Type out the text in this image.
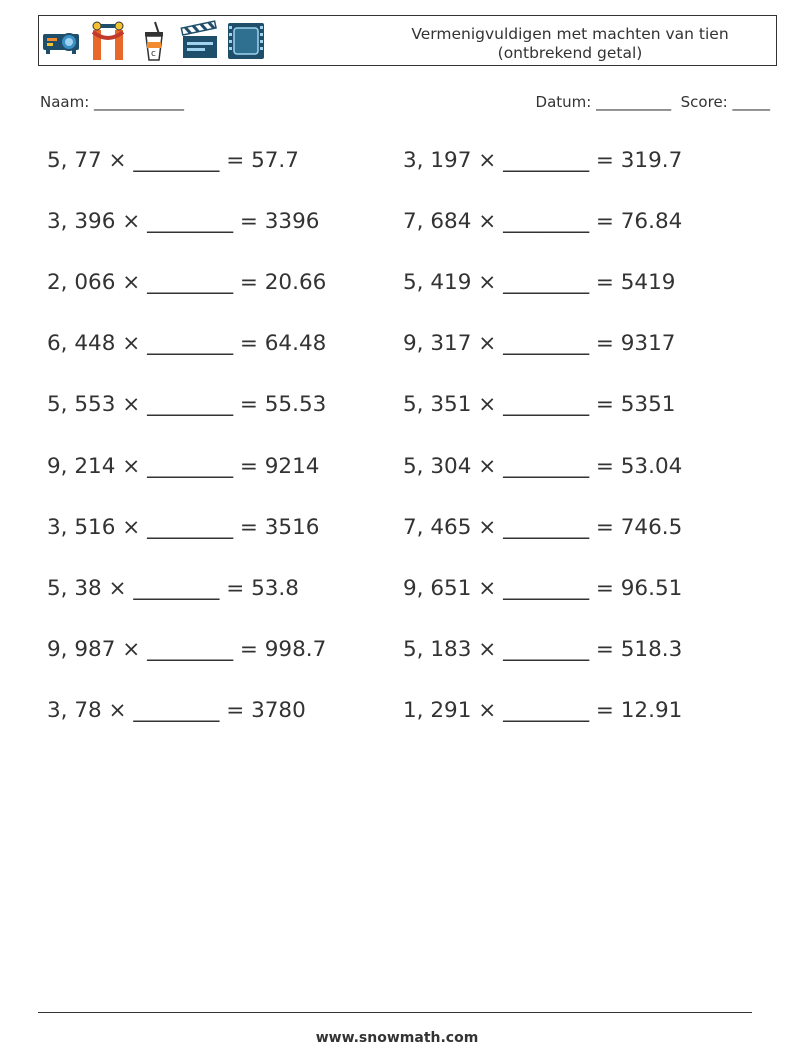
c
Vermenigvuldigen met machten van tien
(ontbrekend getal)
Naam: ____________	Datum: __________ Score: _____
5, 77 × ________ = 57.7
3, 396 × ________ = 3396
2, 066 × ________ = 20.66
6, 448 × ________ = 64.48
5, 553 × ________ = 55.53
9, 214 × ________ = 9214
3, 516 × ________ = 3516
5, 38 × ________ = 53.8
9, 987 × ________ = 998.7
3, 78 × ________ = 3780
3, 197 × ________ = 319.7
7, 684 × ________ = 76.84
5, 419 × ________ = 5419
9, 317 × ________ = 9317
5, 351 × ________ = 5351
5, 304 × ________ = 53.04
7, 465 × ________ = 746.5
9, 651 × ________ = 96.51
5, 183 × ________ = 518.3
1, 291 × ________ = 12.91
www.snowmath.com
